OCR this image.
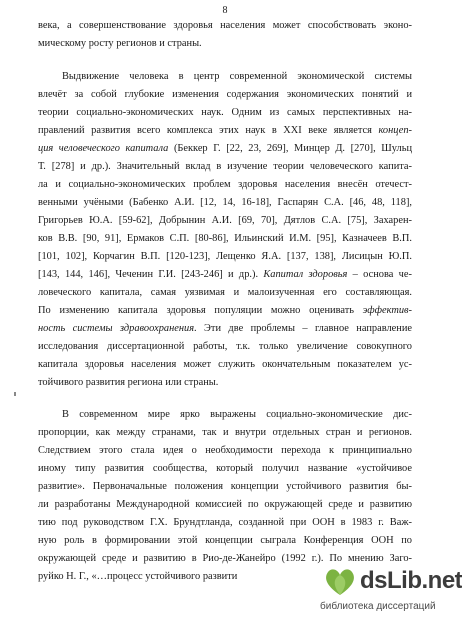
8
века, а совершенствование здоровья населения может способствовать эконо-
мическому росту регионов и страны.
Выдвижение человека в центр современной экономической системы
влечёт за собой глубокие изменения содержания экономических понятий и
теории социально-экономических наук. Одним из самых перспективных на-
правлений развития всего комплекса этих наук в XXI веке является концеп-
ция человеческого капитала (Беккер Г. [22, 23, 269], Минцер Д. [270], Шульц
Т. [278] и др.). Значительный вклад в изучение теории человеческого капита-
ла и социально-экономических проблем здоровья населения внесён отечест-
венными учёными (Бабенко А.И. [12, 14, 16-18], Гаспарян С.А. [46, 48, 118],
Григорьев Ю.А. [59-62], Добрынин А.И. [69, 70], Дятлов С.А. [75], Захарен-
ков В.В. [90, 91], Ермаков С.П. [80-86], Ильинский И.М. [95], Казначеев В.П.
[101, 102], Корчагин В.П. [120-123], Лещенко Я.А. [137, 138], Лисицын Ю.П.
[143, 144, 146], Чеченин Г.И. [243-246] и др.). Капитал здоровья – основа че-
ловеческого капитала, самая уязвимая и малоизученная его составляющая.
По изменению капитала здоровья популяции можно оценивать эффектив-
ность системы здравоохранения. Эти две проблемы – главное направление
исследования диссертационной работы, т.к. только увеличение совокупного
капитала здоровья населения может служить окончательным показателем ус-
тойчивого развития региона или страны.
В современном мире ярко выражены социально-экономические дис-
пропорции, как между странами, так и внутри отдельных стран и регионов.
Следствием этого стала идея о необходимости перехода к принципиально
иному типу развития сообщества, который получил название «устойчивое
развитие». Первоначальные положения концепции устойчивого развития бы-
ли разработаны Международной комиссией по окружающей среде и развитию
тию под руководством Г.Х. Брундтланда, созданной при ООН в 1983 г. Важ-
ную роль в формировании этой концепции сыграла Конференция ООН по
окружающей среде и развитию в Рио-де-Жанейро (1992 г.). По мнению Заго-
руйко Н. Г., «…процесс устойчивого развити	dsLib.net
библиотека диссертаций
